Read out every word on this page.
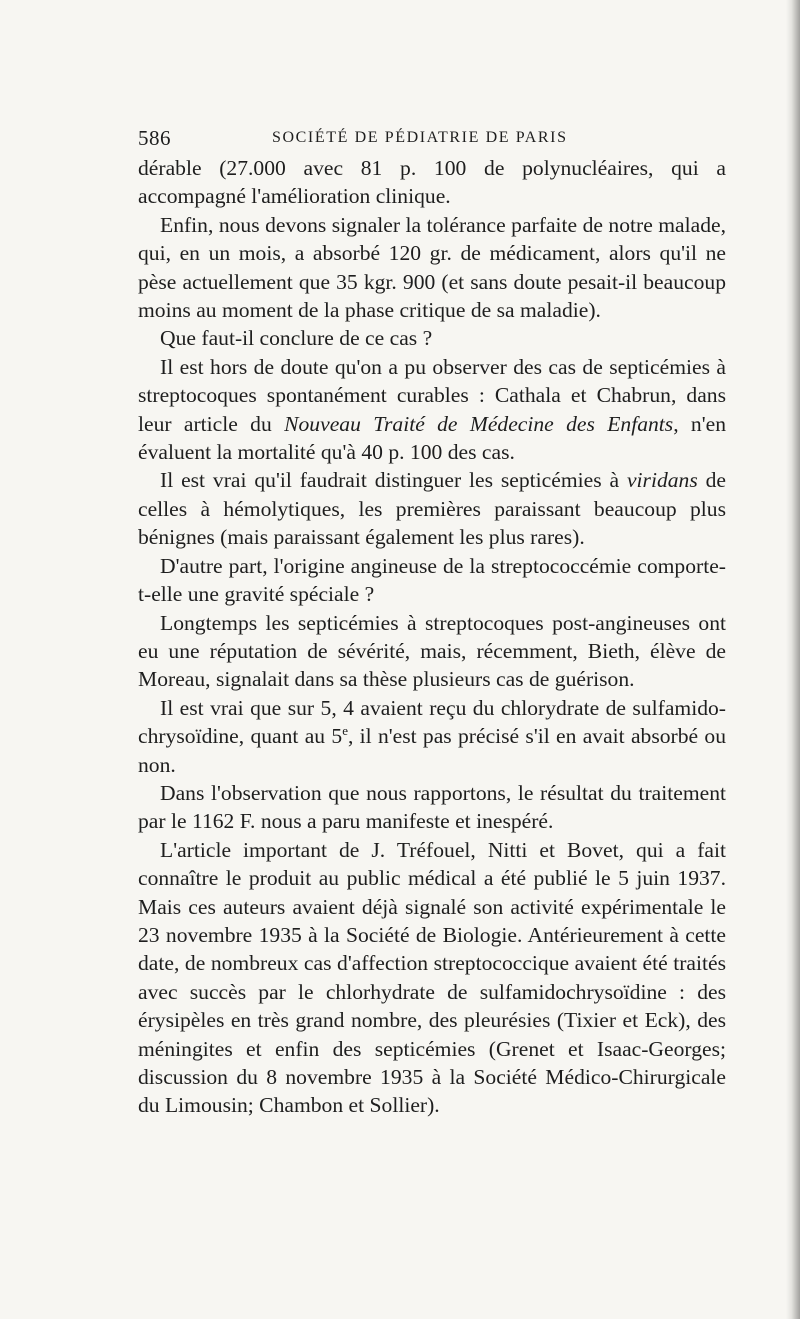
586	SOCIÉTÉ DE PÉDIATRIE DE PARIS

dérable (27.000 avec 81 p. 100 de polynucléaires, qui a accompagné l'amélioration clinique.

Enfin, nous devons signaler la tolérance parfaite de notre malade, qui, en un mois, a absorbé 120 gr. de médicament, alors qu'il ne pèse actuellement que 35 kgr. 900 (et sans doute pesait-il beaucoup moins au moment de la phase critique de sa maladie).

Que faut-il conclure de ce cas ?

Il est hors de doute qu'on a pu observer des cas de septicémies à streptocoques spontanément curables : Cathala et Chabrun, dans leur article du Nouveau Traité de Médecine des Enfants, n'en évaluent la mortalité qu'à 40 p. 100 des cas.

Il est vrai qu'il faudrait distinguer les septicémies à viridans de celles à hémolytiques, les premières paraissant beaucoup plus bénignes (mais paraissant également les plus rares).

D'autre part, l'origine angineuse de la streptococcémie comporte-t-elle une gravité spéciale ?

Longtemps les septicémies à streptocoques post-angineuses ont eu une réputation de sévérité, mais, récemment, Bieth, élève de Moreau, signalait dans sa thèse plusieurs cas de guérison.

Il est vrai que sur 5, 4 avaient reçu du chlorydrate de sulfamido-chrysoïdine, quant au 5e, il n'est pas précisé s'il en avait absorbé ou non.

Dans l'observation que nous rapportons, le résultat du traitement par le 1162 F. nous a paru manifeste et inespéré.

L'article important de J. Tréfouel, Nitti et Bovet, qui a fait connaître le produit au public médical a été publié le 5 juin 1937. Mais ces auteurs avaient déjà signalé son activité expérimentale le 23 novembre 1935 à la Société de Biologie. Antérieurement à cette date, de nombreux cas d'affection streptococcique avaient été traités avec succès par le chlorhydrate de sulfamidochrysoïdine : des érysipèles en très grand nombre, des pleurésies (Tixier et Eck), des méningites et enfin des septicémies (Grenet et Isaac-Georges; discussion du 8 novembre 1935 à la Société Médico-Chirurgicale du Limousin; Chambon et Sollier).
